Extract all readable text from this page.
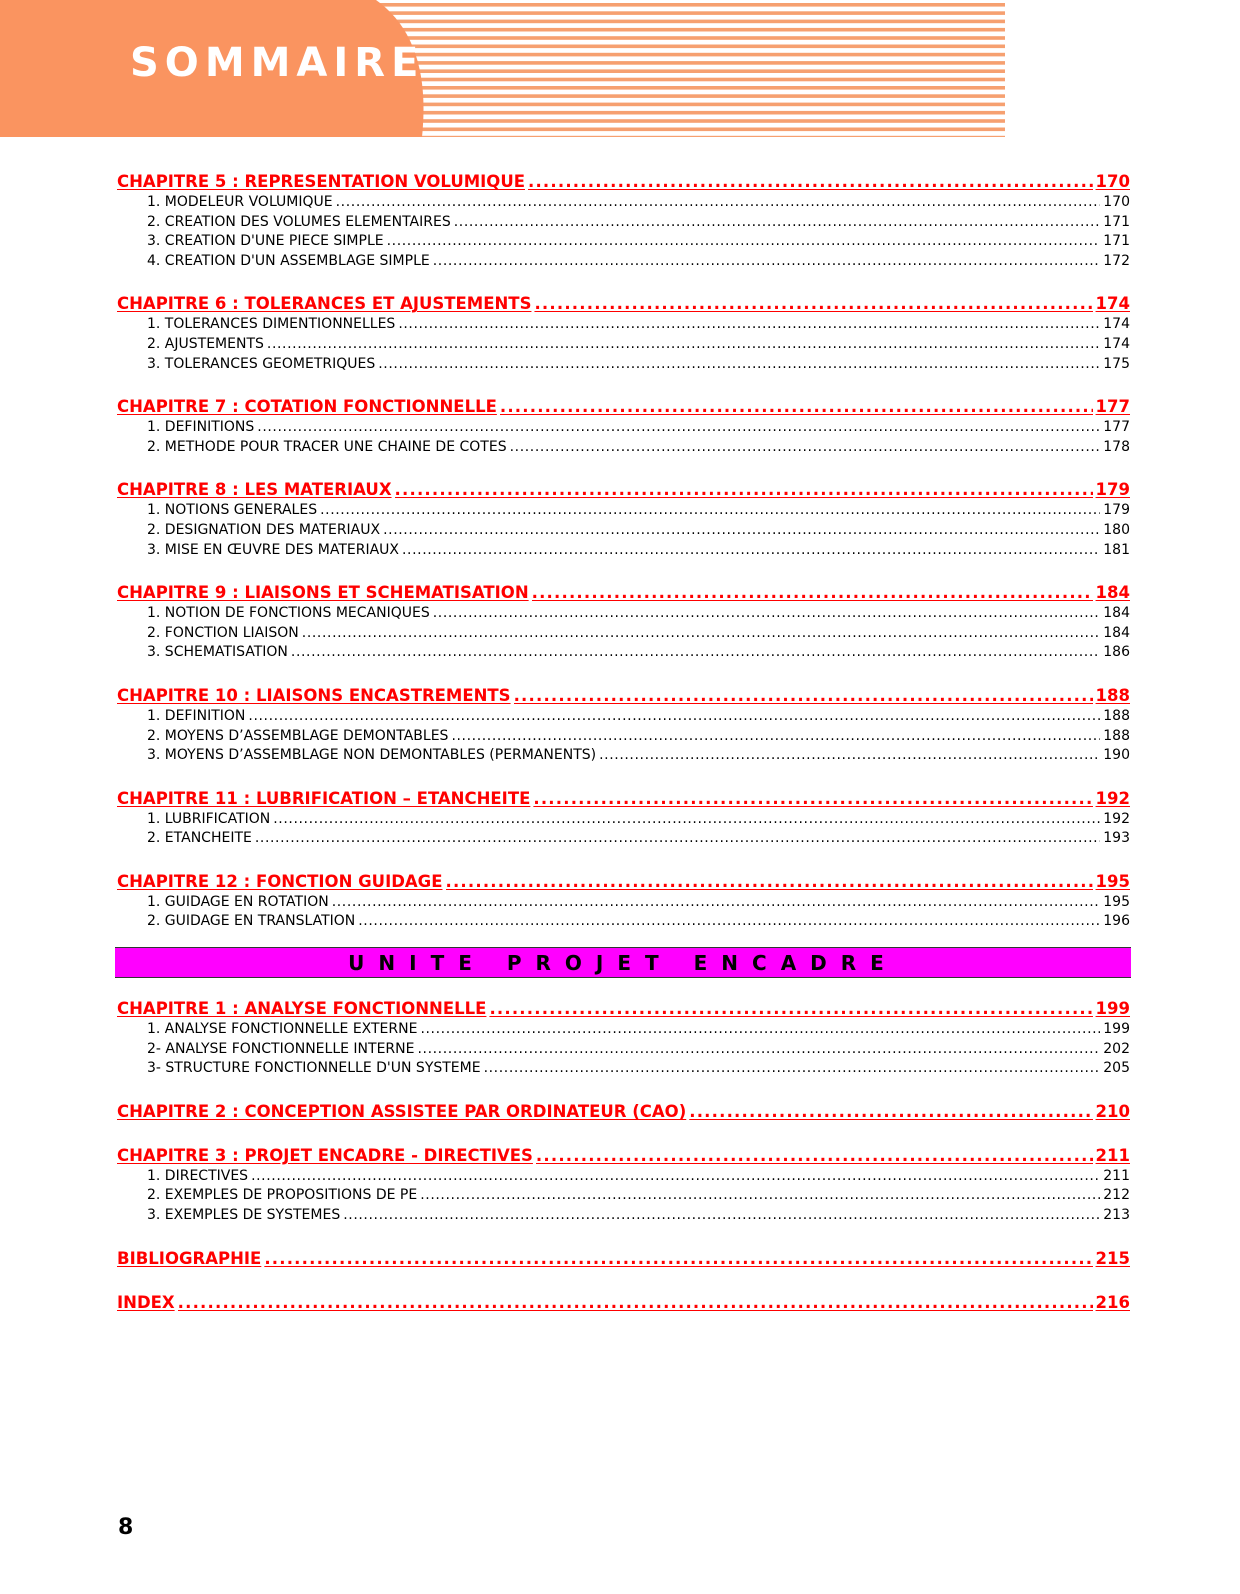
SOMMAIRE
CHAPITRE 5 : REPRESENTATION VOLUMIQUE .....	170
1. MODELEUR VOLUMIQUE .....	170
2. CREATION DES VOLUMES ELEMENTAIRES .....	171
3. CREATION D'UNE PIECE SIMPLE .....	171
4. CREATION D'UN ASSEMBLAGE SIMPLE .....	172
CHAPITRE 6 : TOLERANCES ET AJUSTEMENTS .....	174
1. TOLERANCES DIMENTIONNELLES .....	174
2. AJUSTEMENTS .....	174
3. TOLERANCES GEOMETRIQUES .....	175
CHAPITRE 7 : COTATION FONCTIONNELLE .....	177
1. DEFINITIONS .....	177
2. METHODE POUR TRACER UNE CHAINE DE COTES .....	178
CHAPITRE 8 : LES MATERIAUX .....	179
1. NOTIONS GENERALES .....	179
2. DESIGNATION DES MATERIAUX .....	180
3. MISE EN ŒUVRE DES MATERIAUX .....	181
CHAPITRE 9 : LIAISONS ET SCHEMATISATION .....	184
1. NOTION DE FONCTIONS MECANIQUES .....	184
2. FONCTION LIAISON .....	184
3. SCHEMATISATION .....	186
CHAPITRE 10 : LIAISONS ENCASTREMENTS .....	188
1. DEFINITION .....	188
2. MOYENS D’ASSEMBLAGE DEMONTABLES .....	188
3. MOYENS D’ASSEMBLAGE NON DEMONTABLES (PERMANENTS) .....	190
CHAPITRE 11 : LUBRIFICATION – ETANCHEITE .....	192
1. LUBRIFICATION .....	192
2. ETANCHEITE .....	193
CHAPITRE 12 : FONCTION GUIDAGE .....	195
1. GUIDAGE EN ROTATION .....	195
2. GUIDAGE EN TRANSLATION .....	196
UNITE PROJET ENCADRE
CHAPITRE 1 : ANALYSE FONCTIONNELLE .....	199
1. ANALYSE FONCTIONNELLE EXTERNE .....	199
2- ANALYSE FONCTIONNELLE INTERNE .....	202
3- STRUCTURE FONCTIONNELLE D'UN SYSTEME .....	205
CHAPITRE 2 : CONCEPTION ASSISTEE PAR ORDINATEUR (CAO) .....	210
CHAPITRE 3 : PROJET ENCADRE - DIRECTIVES .....	211
1. DIRECTIVES .....	211
2. EXEMPLES DE PROPOSITIONS DE PE .....	212
3. EXEMPLES DE SYSTEMES .....	213
BIBLIOGRAPHIE .....	215
INDEX .....	216
8
